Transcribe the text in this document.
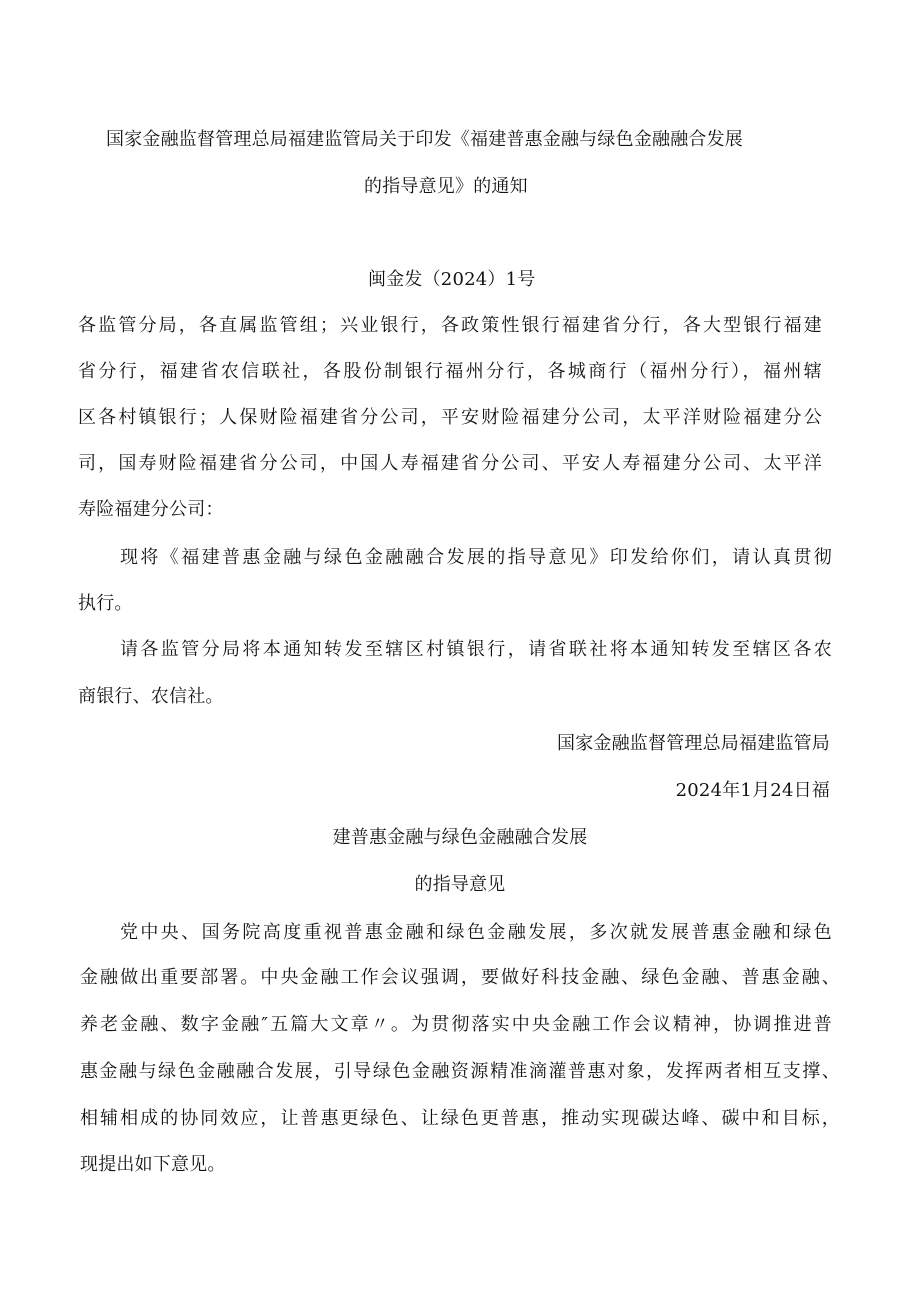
国家金融监督管理总局福建监管局关于印发《福建普惠金融与绿色金融融合发展
的指导意见》的通知
闽金发（2024）1号
各监管分局，各直属监管组；兴业银行，各政策性银行福建省分行，各大型银行福建
省分行，福建省农信联社，各股份制银行福州分行，各城商行（福州分行），福州辖
区各村镇银行；人保财险福建省分公司，平安财险福建分公司，太平洋财险福建分公
司，国寿财险福建省分公司，中国人寿福建省分公司、平安人寿福建分公司、太平洋
寿险福建分公司：
现将《福建普惠金融与绿色金融融合发展的指导意见》印发给你们，请认真贯彻
执行。
请各监管分局将本通知转发至辖区村镇银行，请省联社将本通知转发至辖区各农
商银行、农信社。
国家金融监督管理总局福建监管局
2024年1月24日福
建普惠金融与绿色金融融合发展
的指导意见
党中央、国务院高度重视普惠金融和绿色金融发展，多次就发展普惠金融和绿色
金融做出重要部署。中央金融工作会议强调，要做好科技金融、绿色金融、普惠金融、
养老金融、数字金融″五篇大文章〃。为贯彻落实中央金融工作会议精神，协调推进普
惠金融与绿色金融融合发展，引导绿色金融资源精准滴灌普惠对象，发挥两者相互支撑、
相辅相成的协同效应，让普惠更绿色、让绿色更普惠，推动实现碳达峰、碳中和目标，
现提出如下意见。
